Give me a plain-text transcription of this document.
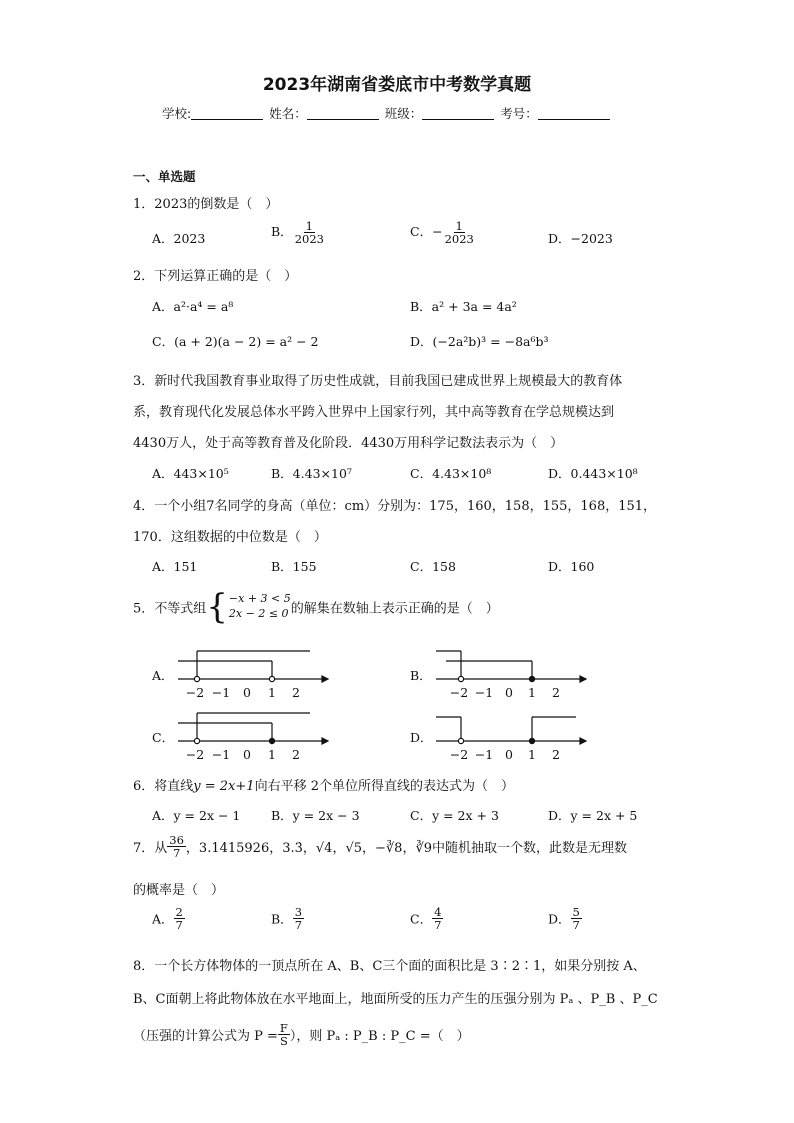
2023年湖南省娄底市中考数学真题
学校:	姓名：	班级：	考号：
一、单选题
1．2023的倒数是（　）
A．2023	B． $\frac{1}{2023}$	C．− $\frac{1}{2023}$	D．−2023
2．下列运算正确的是（　）
A．a²·a⁴ = a⁸	B．a² + 3a = 4a²
C．(a + 2)(a − 2) = a² − 2	D．(−2a²b)³ = −8a⁶b³
3．新时代我国教育事业取得了历史性成就，目前我国已建成世界上规模最大的教育体
系，教育现代化发展总体水平跨入世界中上国家行列，其中高等教育在学总规模达到
4430万人，处于高等教育普及化阶段．4430万用科学记数法表示为（　）
A．443×10⁵	B．4.43×10⁷	C．4.43×10⁸	D．0.443×10⁸
4．一个小组7名同学的身高（单位：cm）分别为：175，160，158，155，168，151，
170．这组数据的中位数是（　）
A．151	B．155	C．158	D．160
5．不等式组 { −x + 3 < 5
2x − 2 ≤ 0 的解集在数轴上表示正确的是（　）
A．	B．
C．	D．
−2 −1 0 1 2	−2 −1 0 1 2
−2 −1 0 1 2	−2 −1 0 1 2
6．将直线y = 2x+1向右平移 2个单位所得直线的表达式为（　）
A．y = 2x − 1 B．y = 2x − 3	C．y = 2x + 3	D．y = 2x + 5
7．从 $\frac{36}{7}$ ，3.1415926，3.3̇，√4，√5，−∛8，∛9中随机抽取一个数，此数是无理数
的概率是（　）
A． $\frac{2}{7}$	B． $\frac{3}{7}$	C． $\frac{4}{7}$	D． $\frac{5}{7}$
8．一个长方体物体的一顶点所在 A、B、C三个面的面积比是 3∶2∶1，如果分别按 A、
B、C面朝上将此物体放在水平地面上，地面所受的压力产生的压强分别为 Pₐ 、P_B 、P_C
（压强的计算公式为 $P = \frac{F}{S}$ ），则 Pₐ : P_B : P_C =（　）
